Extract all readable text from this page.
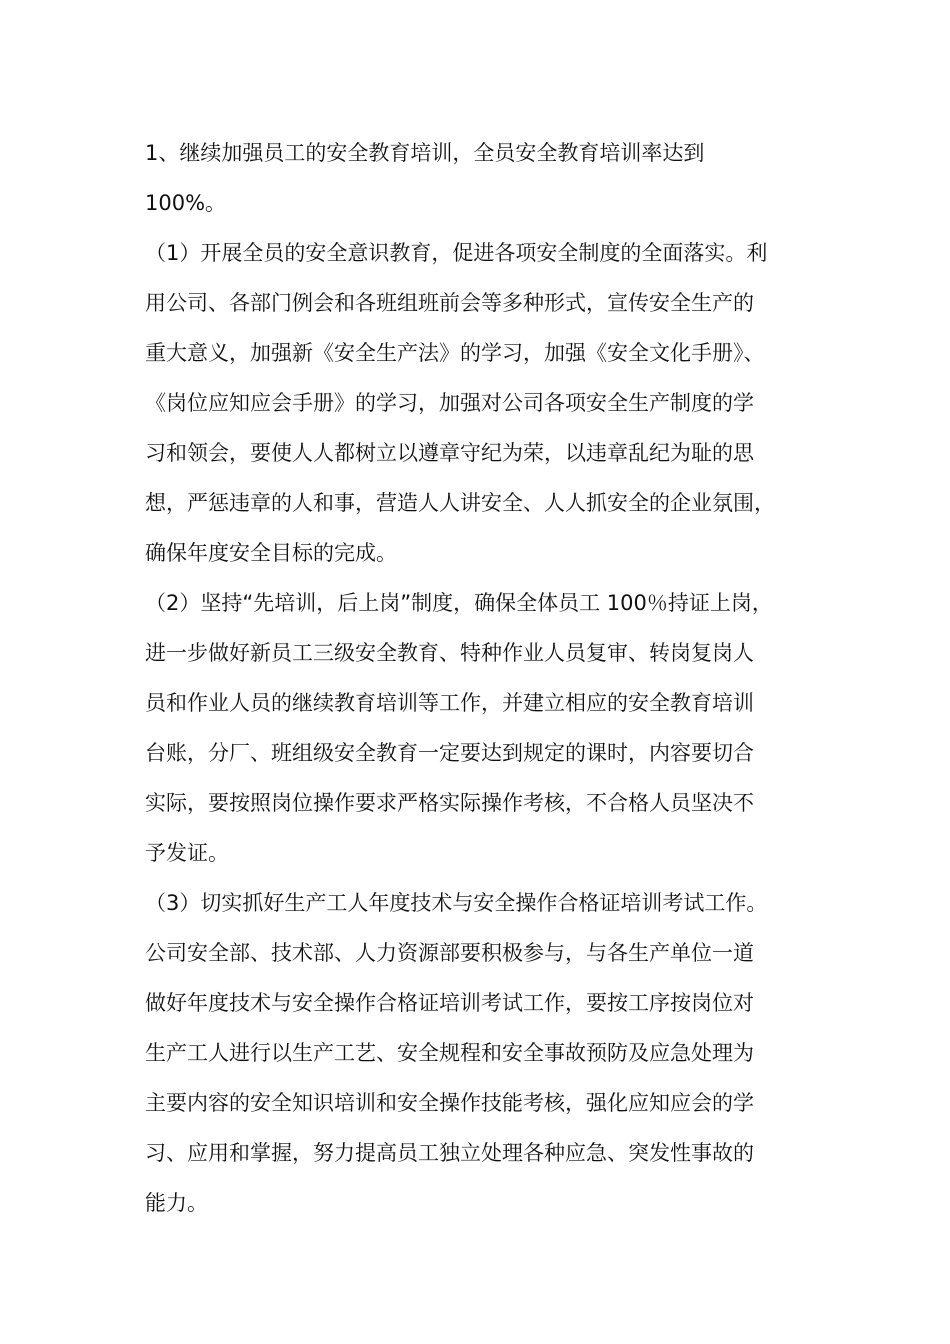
1、继续加强员工的安全教育培训，全员安全教育培训率达到
100%。
（1）开展全员的安全意识教育，促进各项安全制度的全面落实。利
用公司、各部门例会和各班组班前会等多种形式，宣传安全生产的
重大意义，加强新《安全生产法》的学习，加强《安全文化手册》、
《岗位应知应会手册》的学习，加强对公司各项安全生产制度的学
习和领会，要使人人都树立以遵章守纪为荣，以违章乱纪为耻的思
想，严惩违章的人和事，营造人人讲安全、人人抓安全的企业氛围，
确保年度安全目标的完成。
（2）坚持“先培训，后上岗”制度，确保全体员工 100％持证上岗，
进一步做好新员工三级安全教育、特种作业人员复审、转岗复岗人
员和作业人员的继续教育培训等工作，并建立相应的安全教育培训
台账，分厂、班组级安全教育一定要达到规定的课时，内容要切合
实际，要按照岗位操作要求严格实际操作考核，不合格人员坚决不
予发证。
（3）切实抓好生产工人年度技术与安全操作合格证培训考试工作。
公司安全部、技术部、人力资源部要积极参与，与各生产单位一道
做好年度技术与安全操作合格证培训考试工作，要按工序按岗位对
生产工人进行以生产工艺、安全规程和安全事故预防及应急处理为
主要内容的安全知识培训和安全操作技能考核，强化应知应会的学
习、应用和掌握，努力提高员工独立处理各种应急、突发性事故的
能力。
